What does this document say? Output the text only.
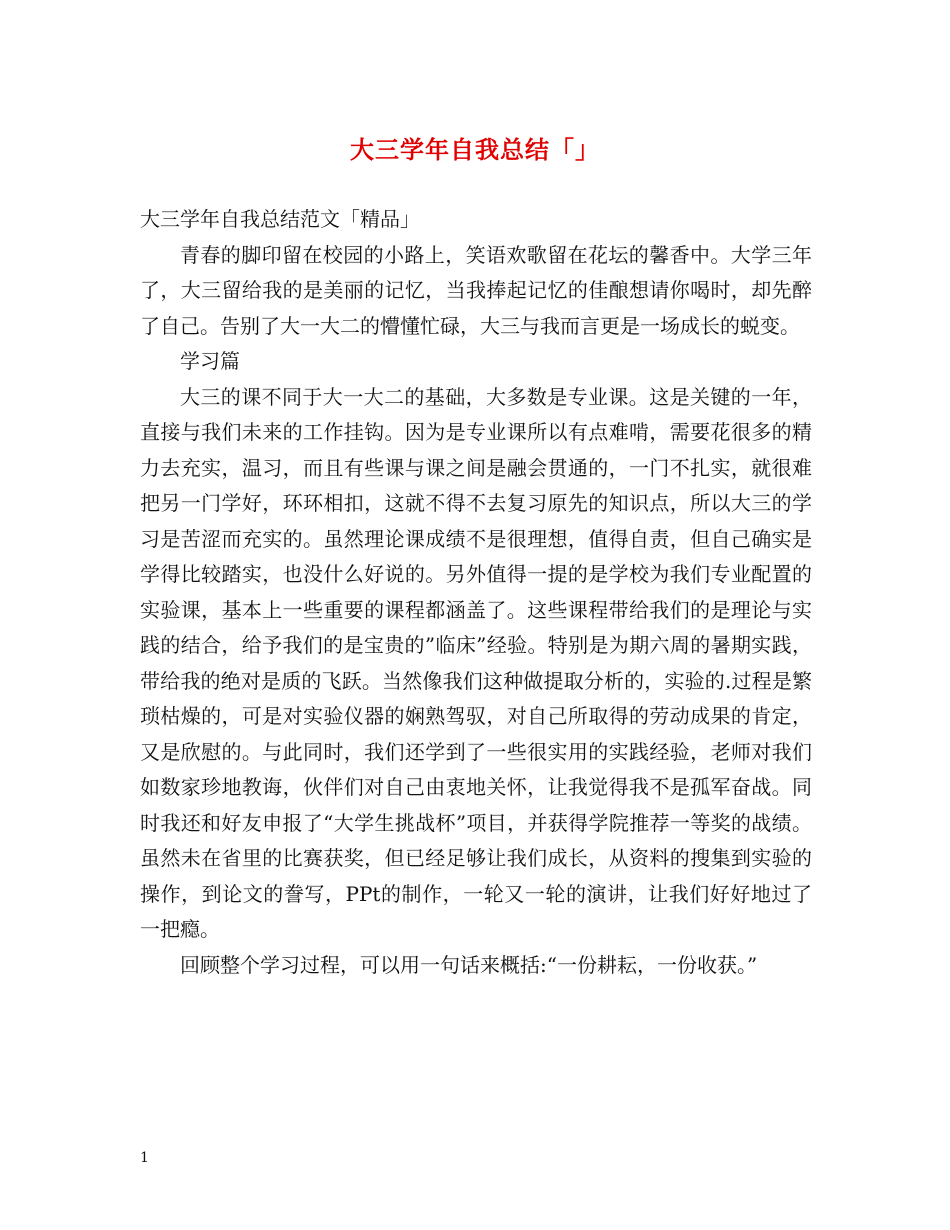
大三学年自我总结「」

大三学年自我总结范文「精品」

青春的脚印留在校园的小路上，笑语欢歌留在花坛的馨香中。大学三年了，大三留给我的是美丽的记忆，当我捧起记忆的佳酿想请你喝时，却先醉了自己。告别了大一大二的懵懂忙碌，大三与我而言更是一场成长的蜕变。

学习篇

大三的课不同于大一大二的基础，大多数是专业课。这是关键的一年，直接与我们未来的工作挂钩。因为是专业课所以有点难啃，需要花很多的精力去充实，温习，而且有些课与课之间是融会贯通的，一门不扎实，就很难把另一门学好，环环相扣，这就不得不去复习原先的知识点，所以大三的学习是苦涩而充实的。虽然理论课成绩不是很理想，值得自责，但自己确实是学得比较踏实，也没什么好说的。另外值得一提的是学校为我们专业配置的实验课，基本上一些重要的课程都涵盖了。这些课程带给我们的是理论与实践的结合，给予我们的是宝贵的”临床”经验。特别是为期六周的暑期实践，带给我的绝对是质的飞跃。当然像我们这种做提取分析的，实验的.过程是繁琐枯燥的，可是对实验仪器的娴熟驾驭，对自己所取得的劳动成果的肯定，又是欣慰的。与此同时，我们还学到了一些很实用的实践经验，老师对我们如数家珍地教诲，伙伴们对自己由衷地关怀，让我觉得我不是孤军奋战。同时我还和好友申报了“大学生挑战杯”项目，并获得学院推荐一等奖的战绩。虽然未在省里的比赛获奖，但已经足够让我们成长，从资料的搜集到实验的操作，到论文的誊写，PPt的制作，一轮又一轮的演讲，让我们好好地过了一把瘾。

回顾整个学习过程，可以用一句话来概括:“一份耕耘，一份收获。”

1
